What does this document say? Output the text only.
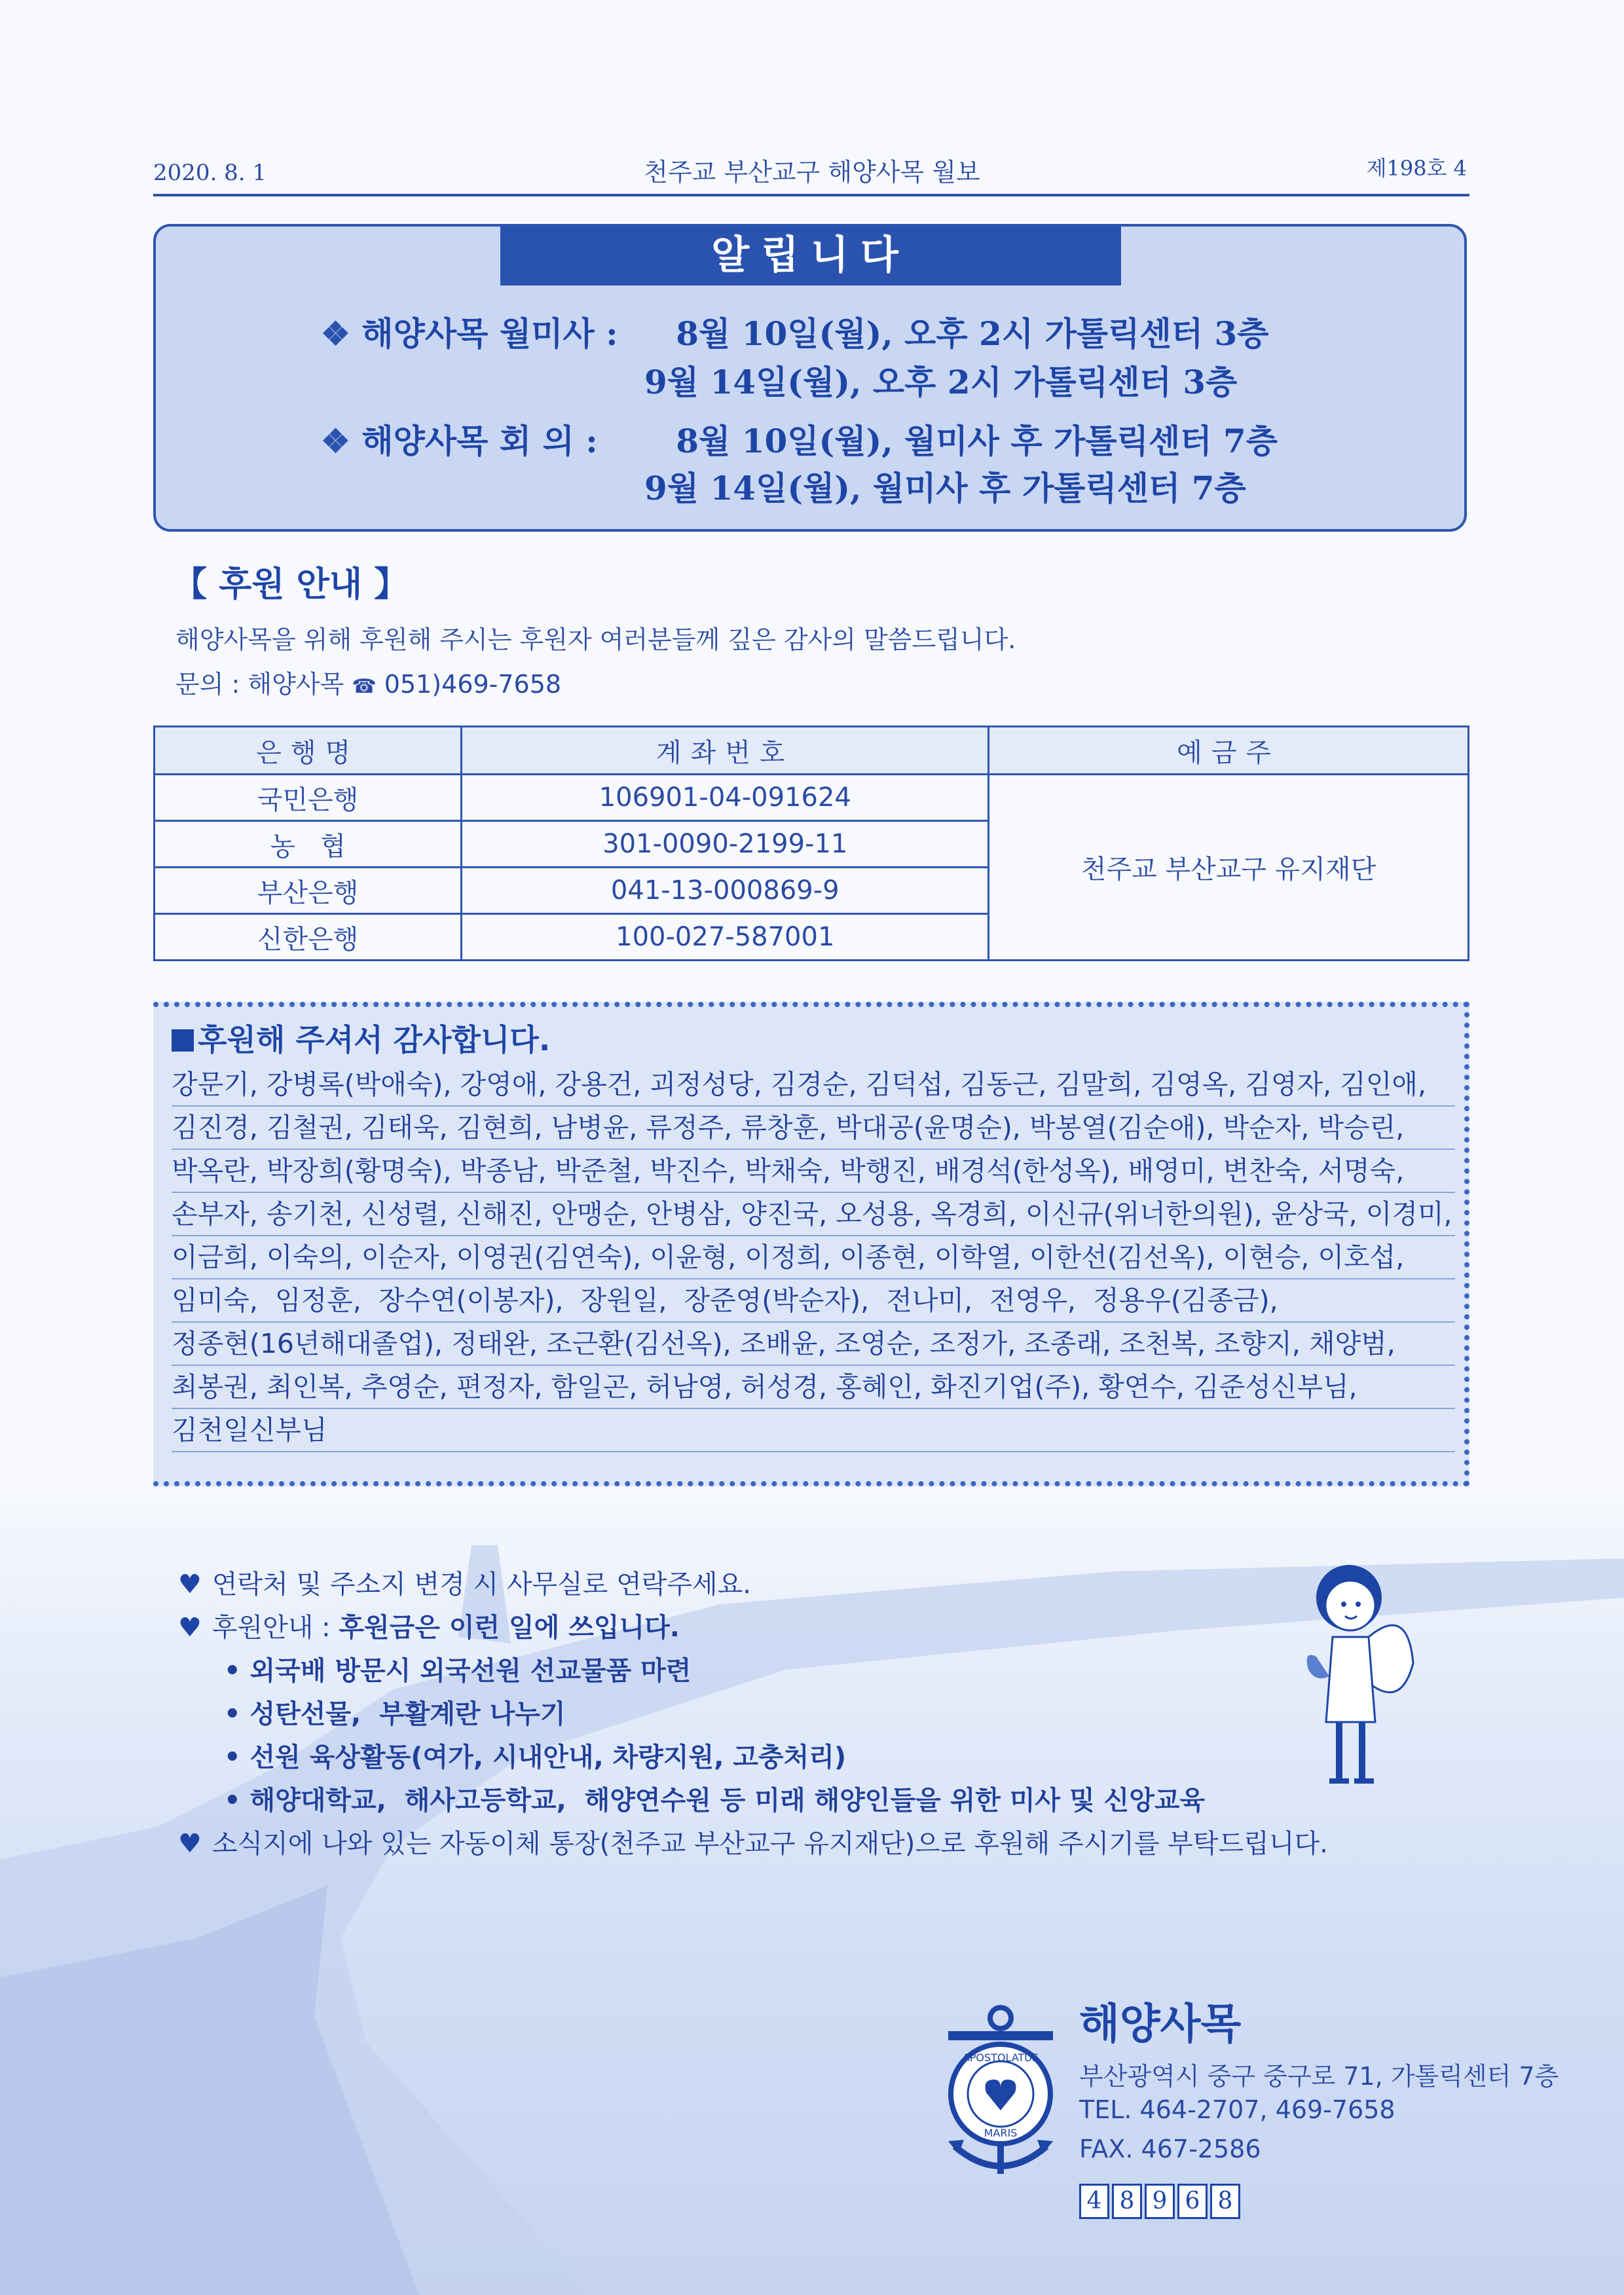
2020. 8. 1	천주교 부산교구 해양사목 월보	제198호 4
알립니다
❖ 해양사목 월미사 : 8월 10일(월), 오후 2시 가톨릭센터 3층
9월 14일(월), 오후 2시 가톨릭센터 3층
❖ 해양사목 회 의 : 8월 10일(월), 월미사 후 가톨릭센터 7층
9월 14일(월), 월미사 후 가톨릭센터 7층
【 후원 안내 】
해양사목을 위해 후원해 주시는 후원자 여러분들께 깊은 감사의 말씀드립니다.
문의 : 해양사목 ☎ 051)469-7658
은행명	계좌번호	예금주
국민은행	106901-04-091624	천주교 부산교구 유지재단
농   협	301-0090-2199-11	
부산은행	041-13-000869-9	
신한은행	100-027-587001	
후원해 주셔서 감사합니다.
강문기, 강병록(박애숙), 강영애, 강용건, 괴정성당, 김경순, 김덕섭, 김동근, 김말희, 김영옥, 김영자, 김인애,
김진경, 김철권, 김태욱, 김현희, 남병윤, 류정주, 류창훈, 박대공(윤명순), 박봉열(김순애), 박순자, 박승린,
박옥란, 박장희(황명숙), 박종남, 박준철, 박진수, 박채숙, 박행진, 배경석(한성옥), 배영미, 변찬숙, 서명숙,
손부자, 송기천, 신성렬, 신해진, 안맹순, 안병삼, 양진국, 오성용, 옥경희, 이신규(위너한의원), 윤상국, 이경미,
이금희, 이숙의, 이순자, 이영권(김연숙), 이윤형, 이정희, 이종현, 이학열, 이한선(김선옥), 이현승, 이호섭,
임미숙,  임정훈,  장수연(이봉자),  장원일,  장준영(박순자),  전나미,  전영우,  정용우(김종금),
정종현(16년해대졸업), 정태완, 조근환(김선옥), 조배윤, 조영순, 조정가, 조종래, 조천복, 조향지, 채양범,
최봉권, 최인복, 추영순, 편정자, 함일곤, 허남영, 허성경, 홍혜인, 화진기업(주), 황연수, 김준성신부님,
김천일신부님
♥ 연락처 및 주소지 변경 시 사무실로 연락주세요.
♥ 후원안내 : 후원금은 이런 일에 쓰입니다.
• 외국배 방문시 외국선원 선교물품 마련
• 성탄선물,  부활계란 나누기
• 선원 육상활동(여가, 시내안내, 차량지원, 고충처리)
• 해양대학교,  해사고등학교,  해양연수원 등 미래 해양인들을 위한 미사 및 신앙교육
♥ 소식지에 나와 있는 자동이체 통장(천주교 부산교구 유지재단)으로 후원해 주시기를 부탁드립니다.
APOSTOLATUS
MARIS
해양사목
부산광역시 중구 중구로 71, 가톨릭센터 7층
TEL. 464-2707, 469-7658
FAX. 467-2586
4 8 9 6 8
